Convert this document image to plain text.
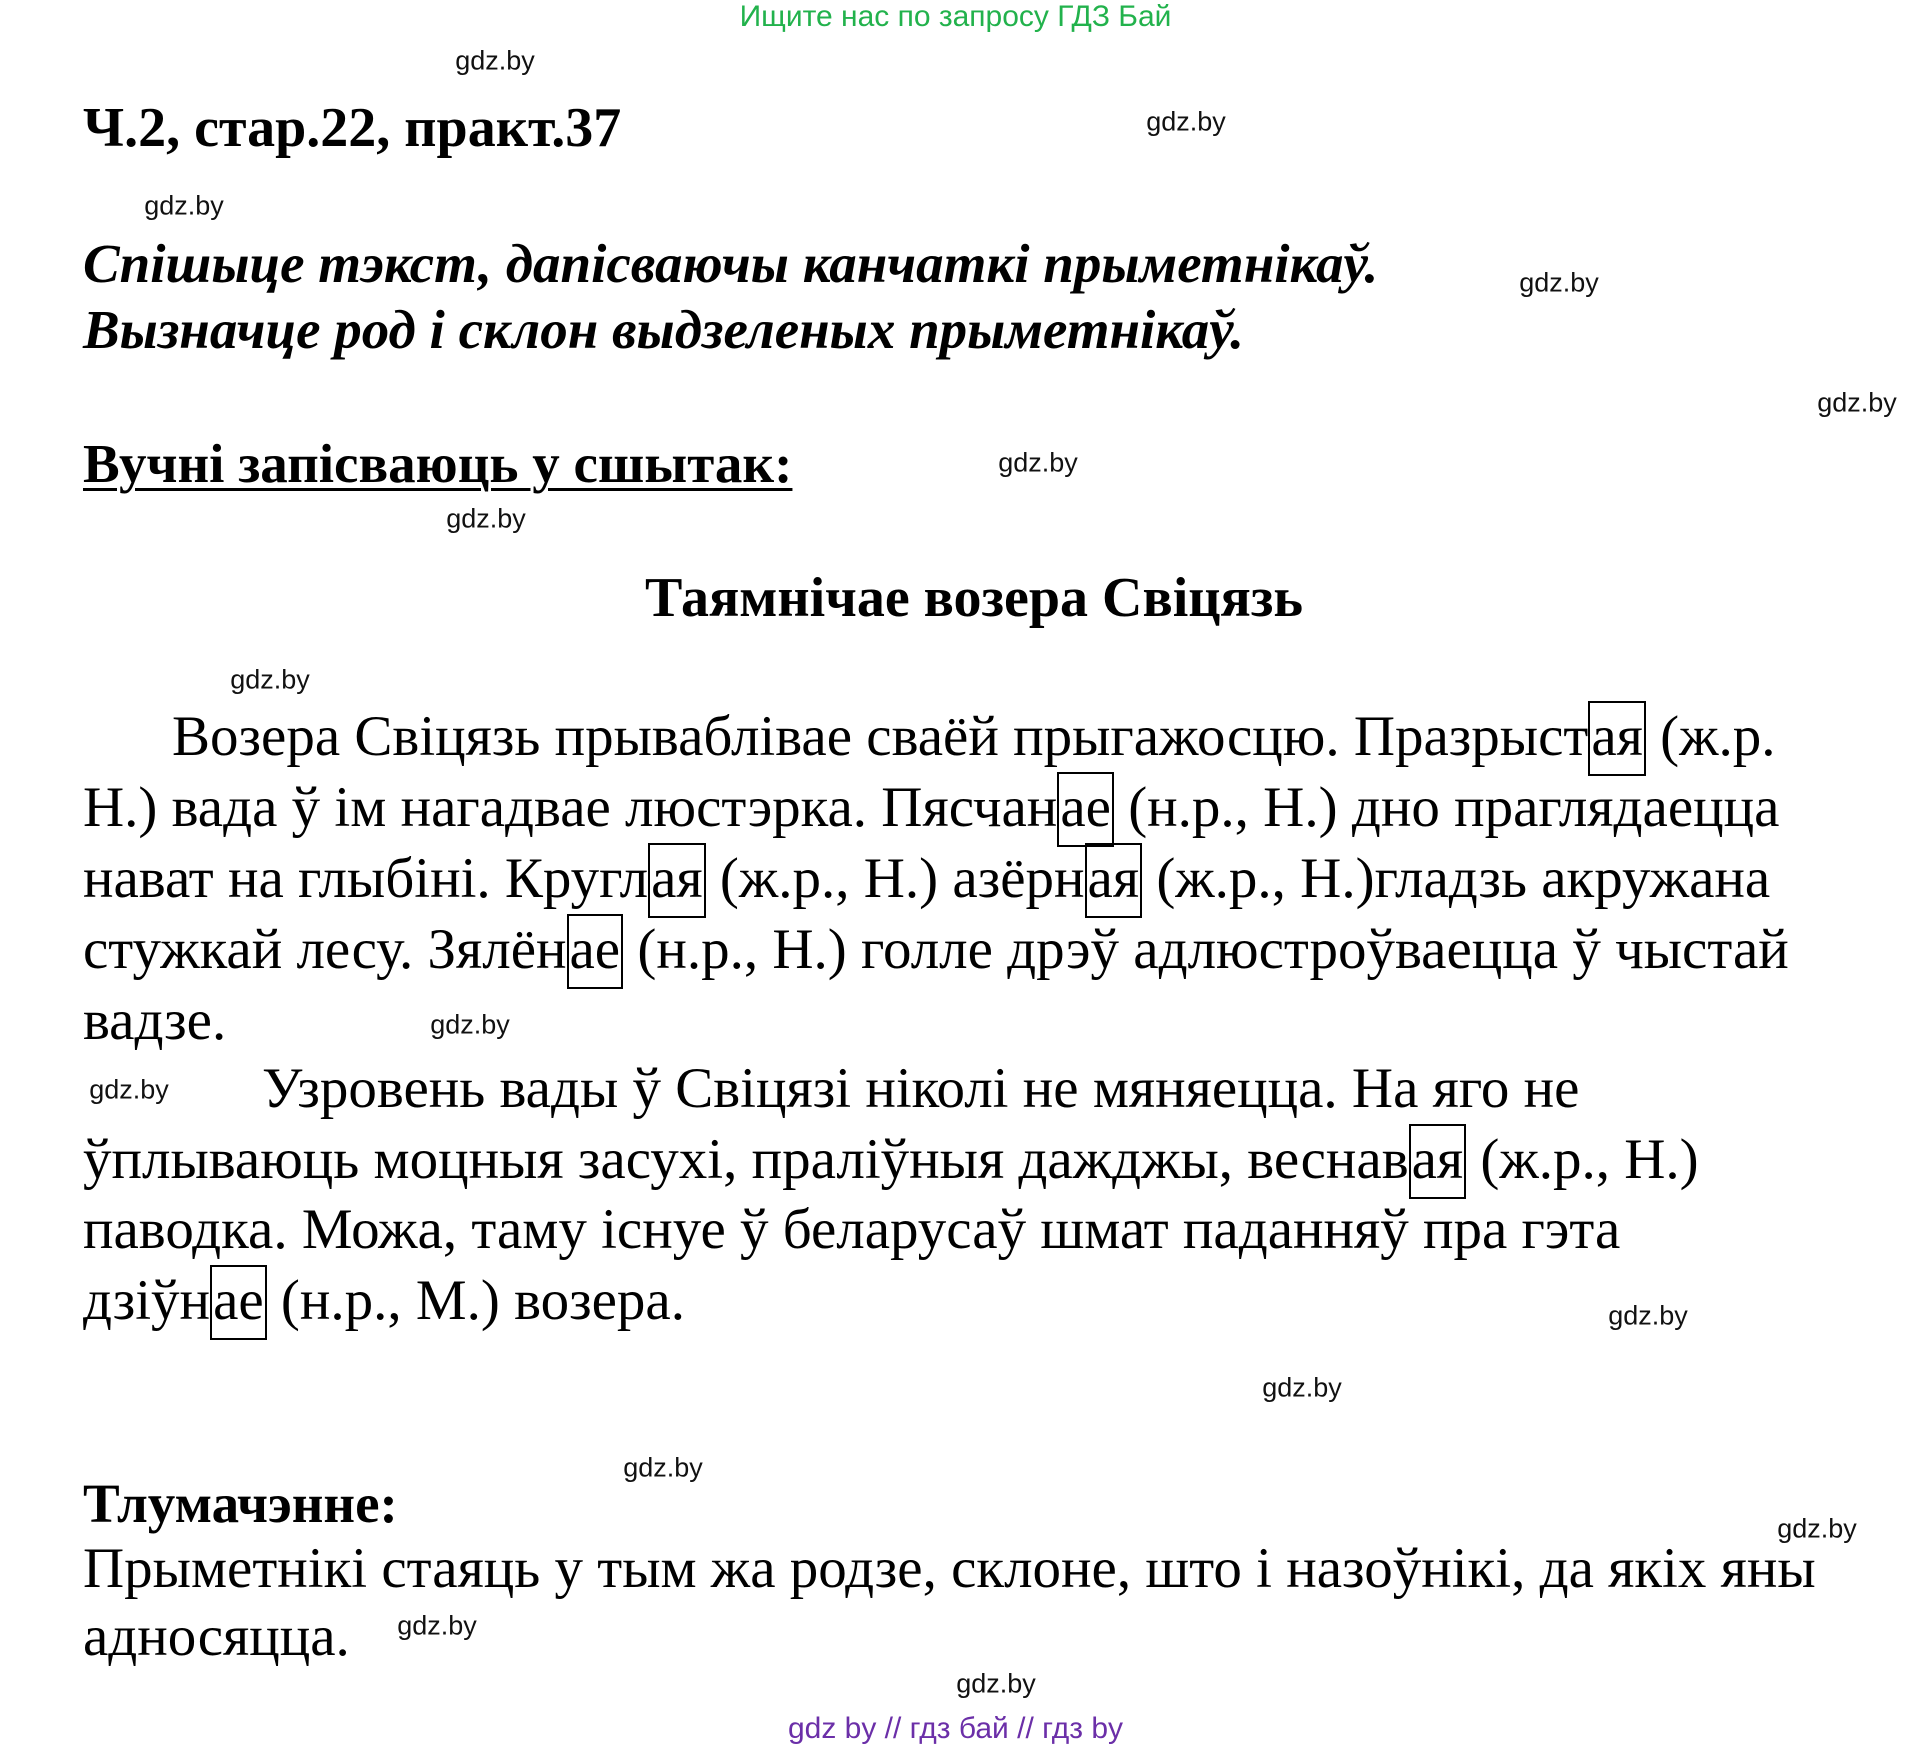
Ищите нас по запросу ГДЗ Бай
Ч.2, стар.22, практ.37
Спішыце тэкст, дапісваючы канчаткі прыметнікаў.
Вызначце род і склон выдзеленых прыметнікаў.
Вучні запісваюць у сшытак:
Таямнічае возера Свіцязь
Возера Свіцязь прываблівае сваёй прыгажосцю. Празрыстая (ж.р.
Н.) вада ў ім нагадвае люстэрка. Пясчанае (н.р., Н.) дно праглядаецца
нават на глыбіні. Круглая (ж.р., Н.) азёрная (ж.р., Н.)гладзь акружана
стужкай лесу. Зялёнае (н.р., Н.) голле дрэў адлюстроўваецца ў чыстай
вадзе.
Узровень вады ў Свіцязі ніколі не мяняецца. На яго не
ўплываюць моцныя засухі, праліўныя дажджы, веснавая (ж.р., Н.)
паводка. Можа, таму існуе ў беларусаў шмат паданняў пра гэта
дзіўнае (н.р., М.) возера.
Тлумачэнне:
Прыметнікі стаяць у тым жа родзе, склоне, што і назоўнікі, да якіх яны
адносяцца.
gdz.by
gdz.by
gdz.by
gdz.by
gdz.by
gdz.by
gdz.by
gdz.by
gdz.by
gdz.by
gdz.by
gdz.by
gdz.by
gdz.by
gdz.by
gdz.by
gdz by // гдз бай // гдз by
